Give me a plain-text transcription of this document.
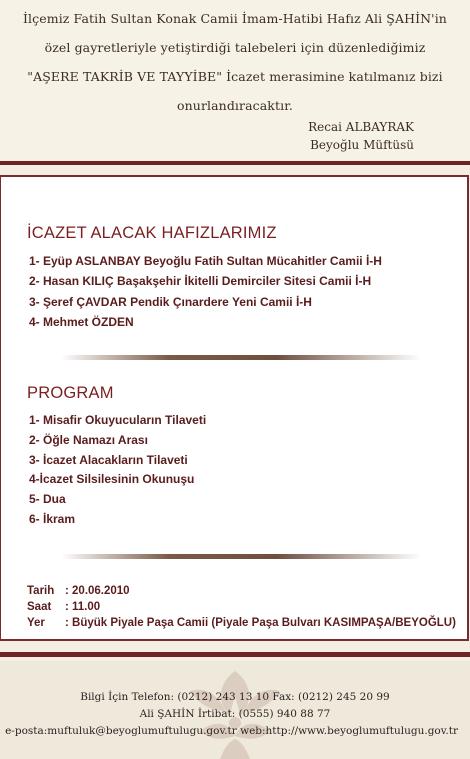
İlçemiz Fatih Sultan Konak Camii İmam-Hatibi Hafız Ali ŞAHİN'in
özel gayretleriyle yetiştirdiği talebeleri için düzenlediğimiz
"AŞERE TAKRİB VE TAYYİBE" İcazet merasimine katılmanız bizi
onurlandıracaktır.
Recai ALBAYRAK
Beyoğlu Müftüsü
İCAZET ALACAK HAFIZLARIMIZ
1- Eyüp ASLANBAY Beyoğlu Fatih Sultan Mücahitler Camii İ-H
2- Hasan KILIÇ Başakşehir İkitelli Demirciler Sitesi Camii İ-H
3- Şeref ÇAVDAR Pendik Çınardere Yeni Camii İ-H
4- Mehmet ÖZDEN
PROGRAM
1- Misafir Okuyucuların Tilaveti
2- Öğle Namazı Arası
3- İcazet Alacakların Tilaveti
4-İcazet Silsilesinin Okunuşu
5- Dua
6- İkram
Tarih : 20.06.2010
Saat : 11.00
Yer : Büyük Piyale Paşa Camii (Piyale Paşa Bulvarı KASIMPAŞA/BEYOĞLU)
Bilgi İçin Telefon: (0212) 243 13 10 Fax: (0212) 245 20 99
Ali ŞAHİN İrtibat: (0555) 940 88 77
e-posta:muftuluk@beyoglumuftulugu.gov.tr web:http://www.beyoglumuftulugu.gov.tr
